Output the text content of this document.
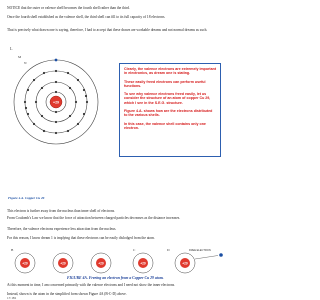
NOTICE that the outer or valence shell becomes the fourth shell rather than the third.

Once the fourth shell established as the valence shell, the third shell can fill to its full capacity of 18 electrons.

That is precisely what drawn one is saying, therefore, I had to accept that these drawn are workable dreams and not normal dreams as such.

L
M
N
+29

Clearly, the valence electrons are extremely important in electronics, as dream one is stating.

These easily freed electrons can perform useful functions.

To see why valence electrons freed easily, let us consider the structure of an atom of copper Cu 29, which I see in the S.E.G. structure.

Figure 4.A. shows how are the electrons distributed to the various shells.

In this case, the valence shell contains only one electron.

Figure 4.A. Copper Cu 29

This electron is further away from the nucleus than inner shell of electrons.

From Coulomb's Law we know that the force of attraction between charged particles decreases as the distance increases.

Therefore, the valence electrons experience less attraction from the nucleus.

For this reason, I know dream 1 is implying that these electrons can be easily dislodged from the atom.

B	C	D	FREE ELECTRON
+29	+29	+29	+29	+29
FIGURE 4A. Freeing an electron from a Copper Cu 29 atom.

At this moment in time, I am concerned primarily with the valence electrons and I need not show the inner electrons.

Instead, shown is the atom in the simplified form shown Figure 4A (B-C-D) above.

17.181
